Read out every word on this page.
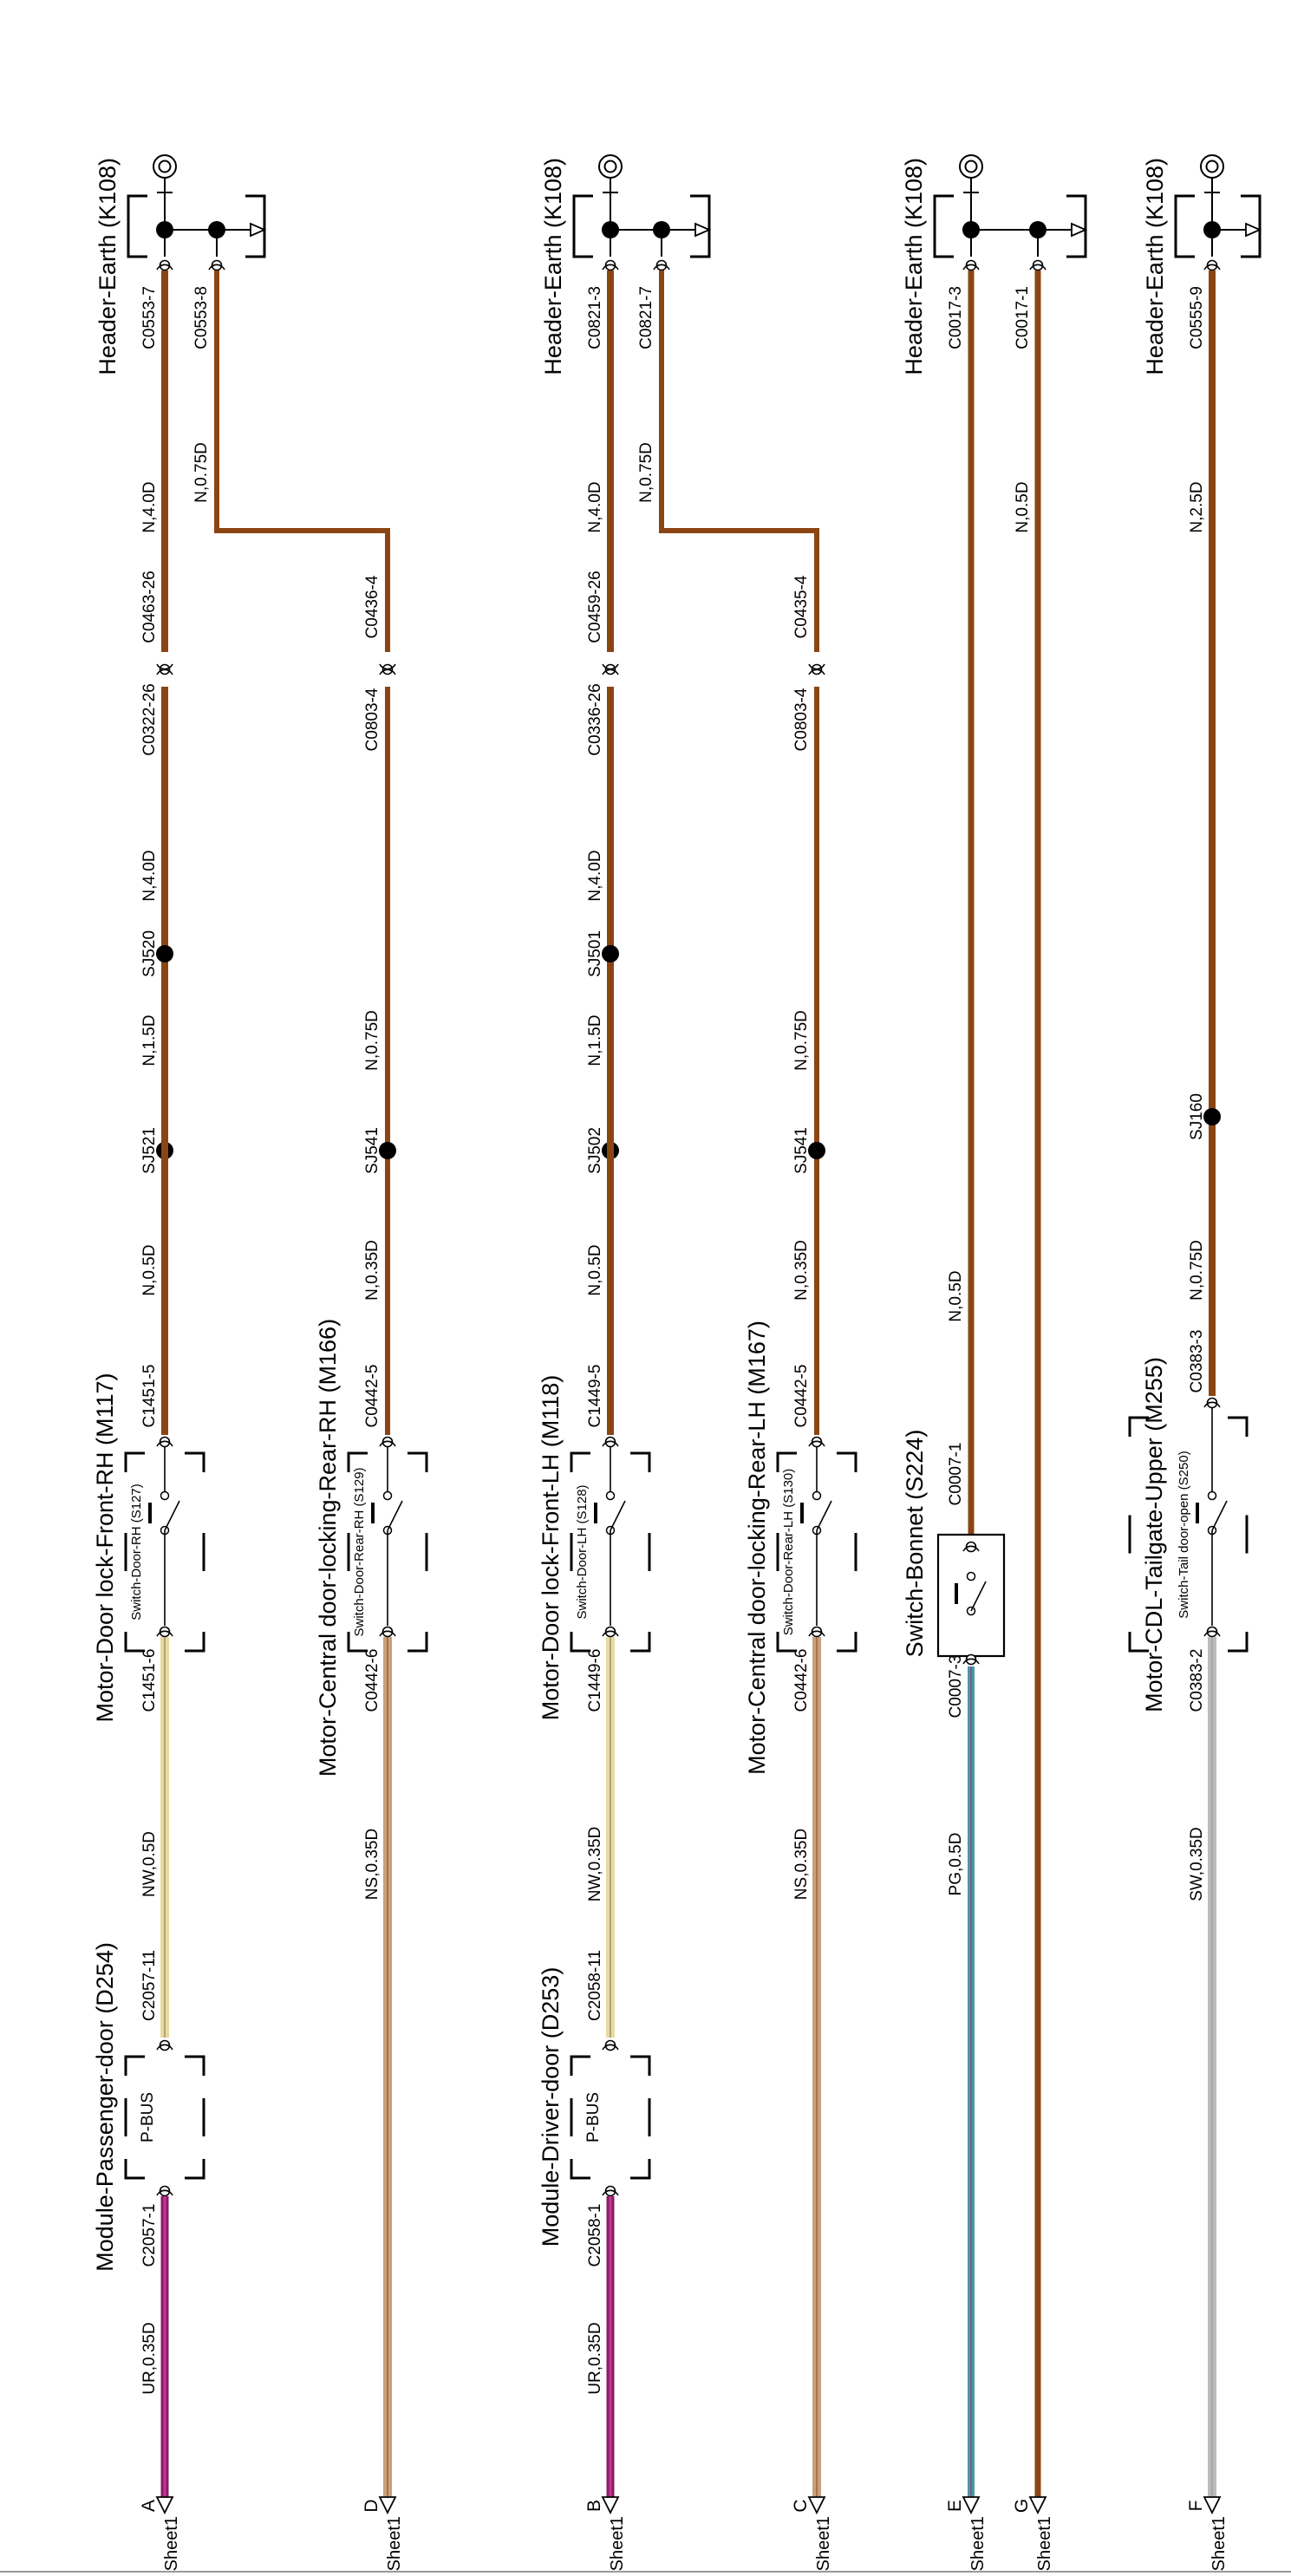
Header-Earth (K108) C0553-7 C0553-8
N,4.0D
C0463-26
C0322-26
N,4.0D
SJ520
N,1.5D
SJ521
N,0.5D
C1451-5
C1451-6
Switch-Door-RH (S127)
Motor-Door lock-Front-RH (M117)
NW,0.5D
C2057-11
P-BUS
Module-Passenger-door (D254) C2057-1
UR,0.35D
A
Sheet1
N,0.75D
C0436-4
C0803-4
N,0.75D
SJ541
N,0.35D
C0442-5
C0442-6
Switch-Door-Rear-RH (S129)
Motor-Central door-locking-Rear-RH (M166)
NS,0.35D
D
Sheet1
Header-Earth (K108) C0821-3 C0821-7
N,4.0D
C0459-26
C0336-26
N,4.0D
SJ501
N,1.5D
SJ502
N,0.5D
C1449-5
C1449-6
Switch-Door-LH (S128)
Motor-Door lock-Front-LH (M118)
NW,0.35D
C2058-11
P-BUS
Module-Driver-door (D253) C2058-1
UR,0.35D
B
Sheet1
N,0.75D
C0435-4
C0803-4
N,0.75D
SJ541
N,0.35D
C0442-5
C0442-6
Switch-Door-Rear-LH (S130)
Motor-Central door-locking-Rear-LH (M167)
NS,0.35D
C
Sheet1
Header-Earth (K108) C0017-3	C0017-1
N,0.5D
C0007-1
Switch-Bonnet (S224)
C0007-3
PG,0.5D
E
Sheet1
N,0.5D
G
Sheet1
Header-Earth (K108) C0555-9
N,2.5D
SJ160
N,0.75D
C0383-3
C0383-2
Switch-Tail door-open (S250)
Motor-CDL-Tailgate-Upper (M255)
SW,0.35D
F
Sheet1
